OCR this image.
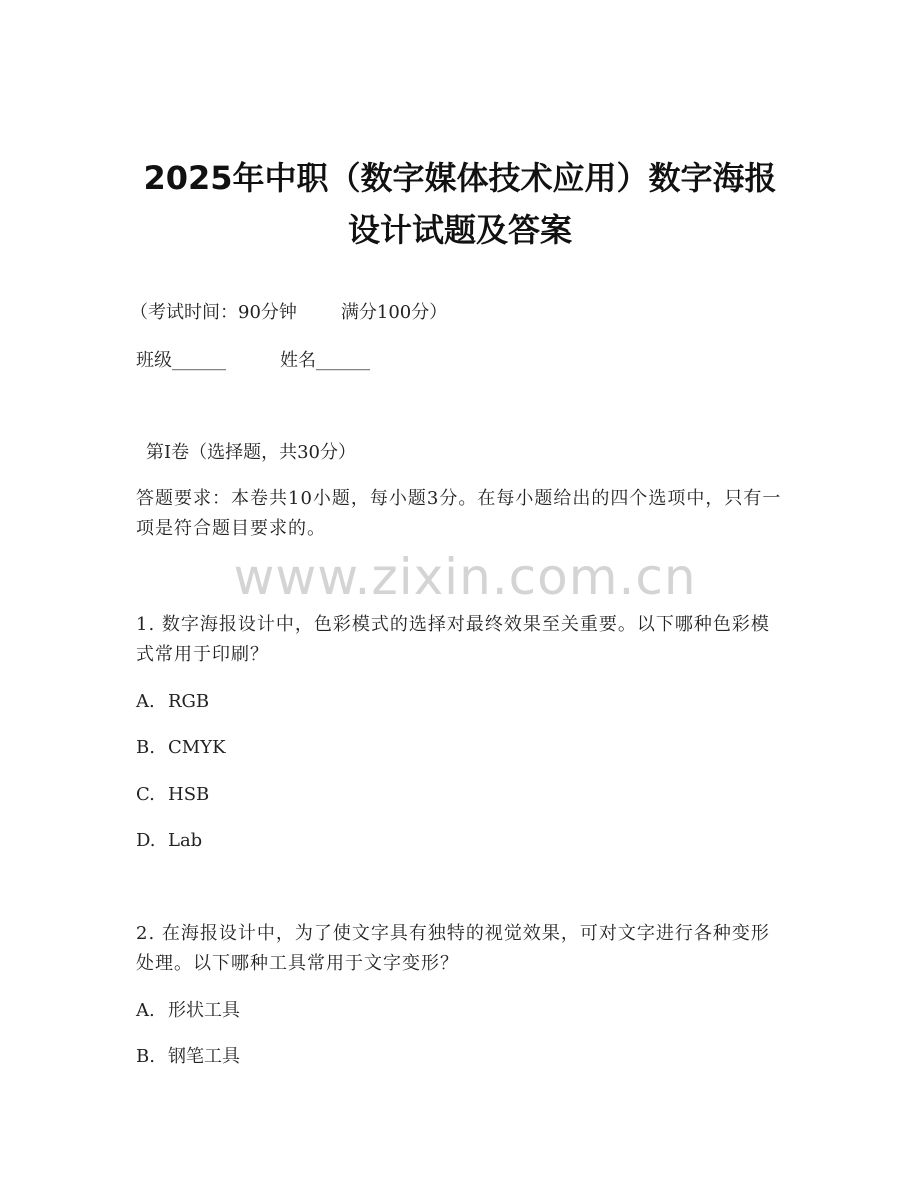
2025年中职（数字媒体技术应用）数字海报
设计试题及答案
（考试时间：90分钟 满分100分）
班级______	姓名______
第Ⅰ卷（选择题，共30分）
答题要求：本卷共10小题，每小题3分。在每小题给出的四个选项中，只有一项是符合题目要求的。
www.zixin.com.cn
1. 数字海报设计中，色彩模式的选择对最终效果至关重要。以下哪种色彩模式常用于印刷？
A. RGB
B. CMYK
C. HSB
D. Lab
2. 在海报设计中，为了使文字具有独特的视觉效果，可对文字进行各种变形处理。以下哪种工具常用于文字变形？
A. 形状工具
B. 钢笔工具
